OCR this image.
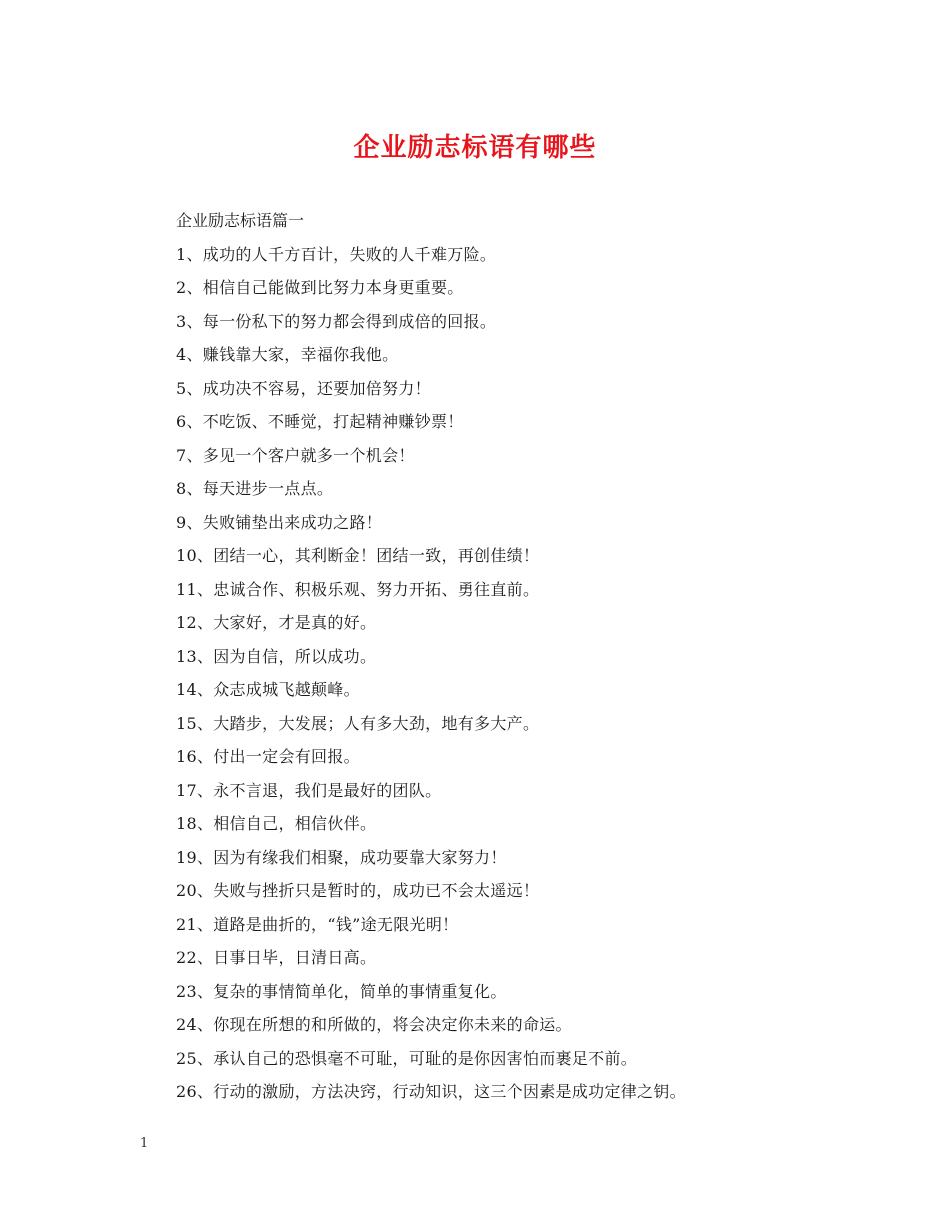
企业励志标语有哪些

企业励志标语篇一

1、成功的人千方百计，失败的人千难万险。
2、相信自己能做到比努力本身更重要。
3、每一份私下的努力都会得到成倍的回报。
4、赚钱靠大家，幸福你我他。
5、成功决不容易，还要加倍努力！
6、不吃饭、不睡觉，打起精神赚钞票！
7、多见一个客户就多一个机会！
8、每天进步一点点。
9、失败铺垫出来成功之路！
10、团结一心，其利断金！团结一致，再创佳绩！
11、忠诚合作、积极乐观、努力开拓、勇往直前。
12、大家好，才是真的好。
13、因为自信，所以成功。
14、众志成城飞越颠峰。
15、大踏步，大发展；人有多大劲，地有多大产。
16、付出一定会有回报。
17、永不言退，我们是最好的团队。
18、相信自己，相信伙伴。
19、因为有缘我们相聚，成功要靠大家努力！
20、失败与挫折只是暂时的，成功已不会太遥远！
21、道路是曲折的，“钱”途无限光明！
22、日事日毕，日清日高。
23、复杂的事情简单化，简单的事情重复化。
24、你现在所想的和所做的，将会决定你未来的命运。
25、承认自己的恐惧毫不可耻，可耻的是你因害怕而裹足不前。
26、行动的激励，方法决窍，行动知识，这三个因素是成功定律之钥。
1
